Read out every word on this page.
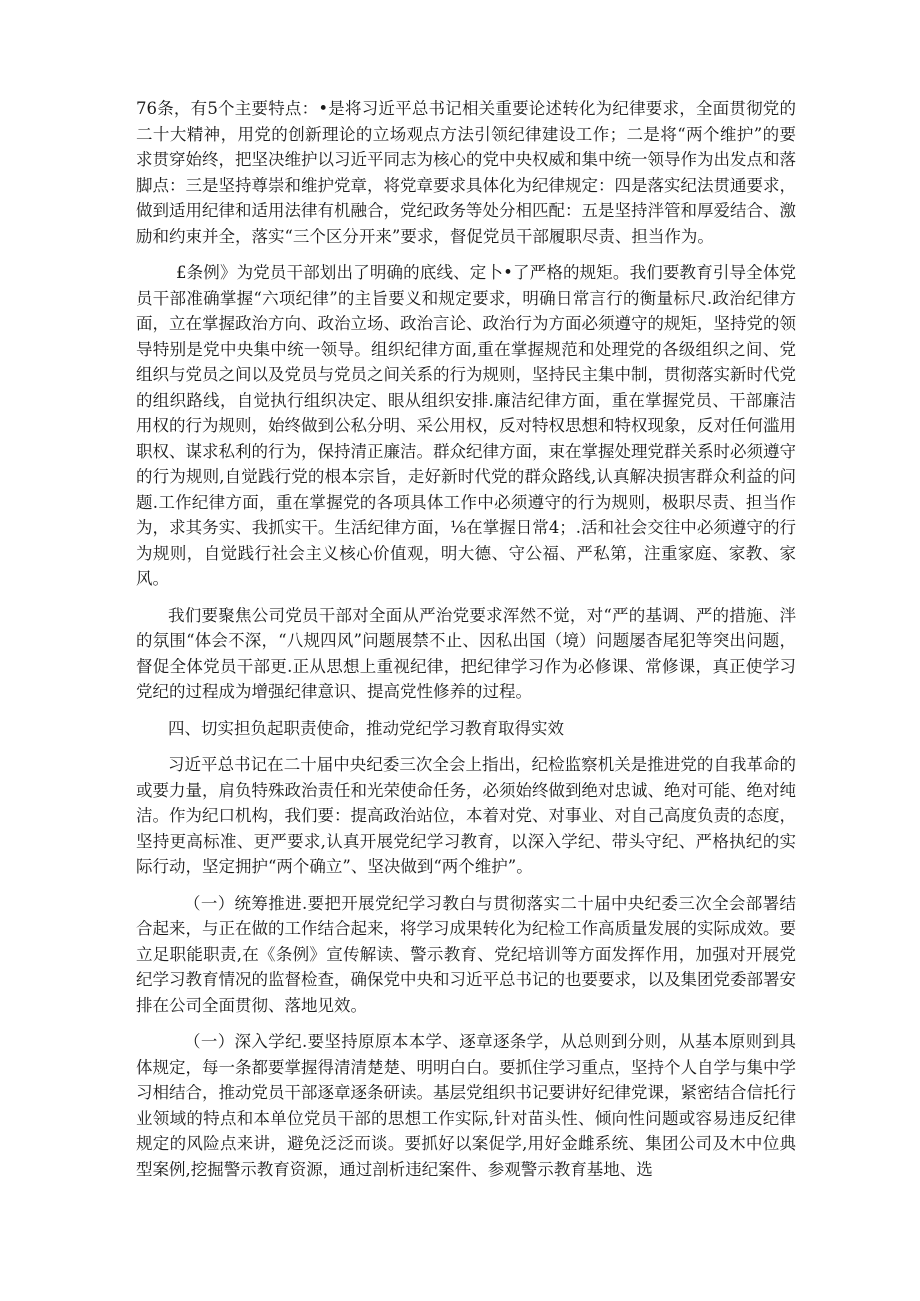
76条，有5个主要特点：•是将习近平总书记相关重要论述转化为纪律要求，全面贯彻党的二十大精神，用党的创新理论的立场观点方法引领纪律建设工作；二是将“两个维护”的要求贯穿始终，把坚决维护以习近平同志为核心的党中央权威和集中统一领导作为出发点和落脚点：三是坚持尊崇和维护党章，将党章要求具体化为纪律规定：四是落实纪法贯通要求，做到适用纪律和适用法律有机融合，党纪政务等处分相匹配：五是坚持泮管和厚爱结合、激励和约束并全，落实“三个区分开来”要求，督促党员干部履职尽责、担当作为。

£条例》为党员干部划出了明确的底线、定卜•了严格的规矩。我们要教育引导全体党员干部准确掌握“六项纪律”的主旨要义和规定要求，明确日常言行的衡量标尺.政治纪律方面，立在掌握政治方向、政治立场、政治言论、政治行为方面必须遵守的规矩，坚持党的领导特别是党中央集中统一领导。组织纪律方面,重在掌握规范和处理党的各级组织之间、党组织与党员之间以及党员与党员之间关系的行为规则，坚持民主集中制，贯彻落实新时代党的组织路线，自觉执行组织决定、眼从组织安排.廉洁纪律方面，重在掌握党员、干部廉洁用权的行为规则，始终做到公私分明、采公用权，反对特权思想和特权现象，反对任何滥用职权、谋求私利的行为，保持清正廉洁。群众纪律方面，束在掌握处理党群关系时必须遵守的行为规则,自觉践行党的根本宗旨，走好新时代党的群众路线,认真解决损害群众利益的问题.工作纪律方面，重在掌握党的各项具体工作中必须遵守的行为规则，极职尽责、担当作为，求其务实、我抓实干。生活纪律方面，⅛在掌握日常4；.活和社会交往中必须遵守的行为规则，自觉践行社会主义核心价值观，明大德、守公福、严私第，注重家庭、家教、家风。

我们要聚焦公司党员干部对全面从严治党要求浑然不觉，对“严的基调、严的措施、泮的氛围“体会不深，“八规四风”问题展禁不止、因私出国（境）问题屡杳尾犯等突出问题，督促全体党员干部更.正从思想上重视纪律，把纪律学习作为必修课、常修课，真正使学习党纪的过程成为增强纪律意识、提高党性修养的过程。

四、切实担负起职责使命，推动党纪学习教育取得实效

习近平总书记在二十届中央纪委三次全会上指出，纪检监察机关是推进党的自我革命的或要力量，肩负特殊政治责任和光荣使命任务，必须始终做到绝对忠诚、绝对可能、绝对纯洁。作为纪口机构，我们要：提高政治站位，本着对党、对事业、对自己高度负责的态度，坚持更高标准、更严要求,认真开展党纪学习教育，以深入学纪、带头守纪、严格执纪的实际行动，坚定拥护“两个确立”、坚决做到“两个维护”。

（一）统筹推进.要把开展党纪学习教白与贯彻落实二十届中央纪委三次全会部署结合起来，与正在做的工作结合起来，将学习成果转化为纪检工作高质量发展的实际成效。要立足职能职责,在《条例》宣传解读、警示教育、党纪培训等方面发挥作用，加强对开展党纪学习教育情况的监督检查，确保党中央和习近平总书记的也要要求，以及集团党委部署安排在公司全面贯彻、落地见效。

（一）深入学纪.要坚持原原本本学、逐章逐条学，从总则到分则，从基本原则到具体规定，每一条都要掌握得清清楚楚、明明白白。要抓住学习重点，坚持个人自学与集中学习相结合，推动党员干部逐章逐条研读。基层党组织书记要讲好纪律党课，紧密结合信托行业领域的特点和本单位党员干部的思想工作实际,针对苗头性、倾向性问题或容易违反纪律规定的风险点来讲，避免泛泛而谈。要抓好以案促学,用好金雌系统、集团公司及木中位典型案例,挖掘警示教育资源，通过剖析违纪案件、参观警示教育基地、选
